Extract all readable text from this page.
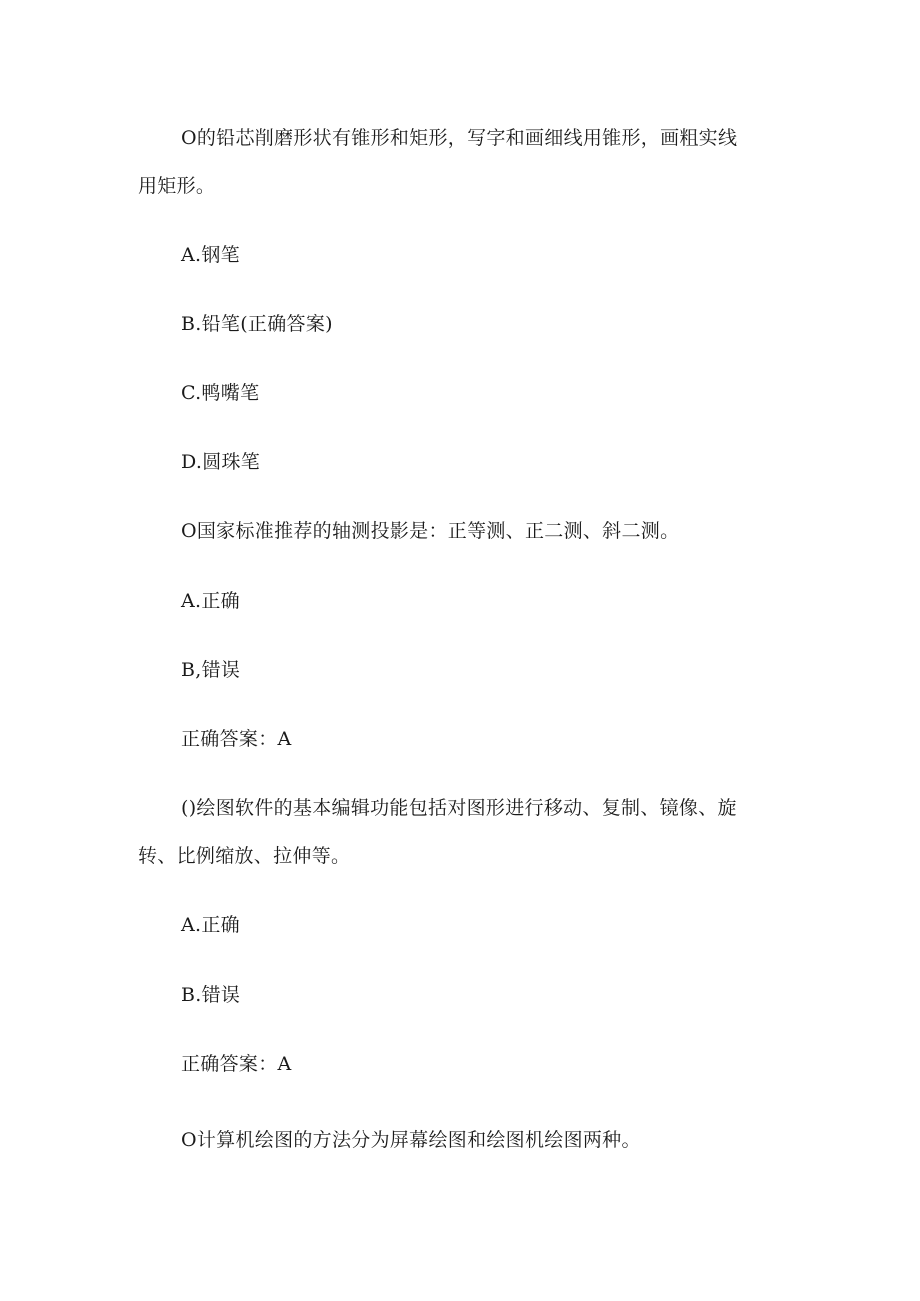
O的铅芯削磨形状有锥形和矩形，写字和画细线用锥形，画粗实线
用矩形。
A.钢笔
B.铅笔(正确答案)
C.鸭嘴笔
D.圆珠笔
O国家标准推荐的轴测投影是：正等测、正二测、斜二测。
A.正确
B,错误
正确答案：A
()绘图软件的基本编辑功能包括对图形进行移动、复制、镜像、旋
转、比例缩放、拉伸等。
A.正确
B.错误
正确答案：A
O计算机绘图的方法分为屏幕绘图和绘图机绘图两种。
